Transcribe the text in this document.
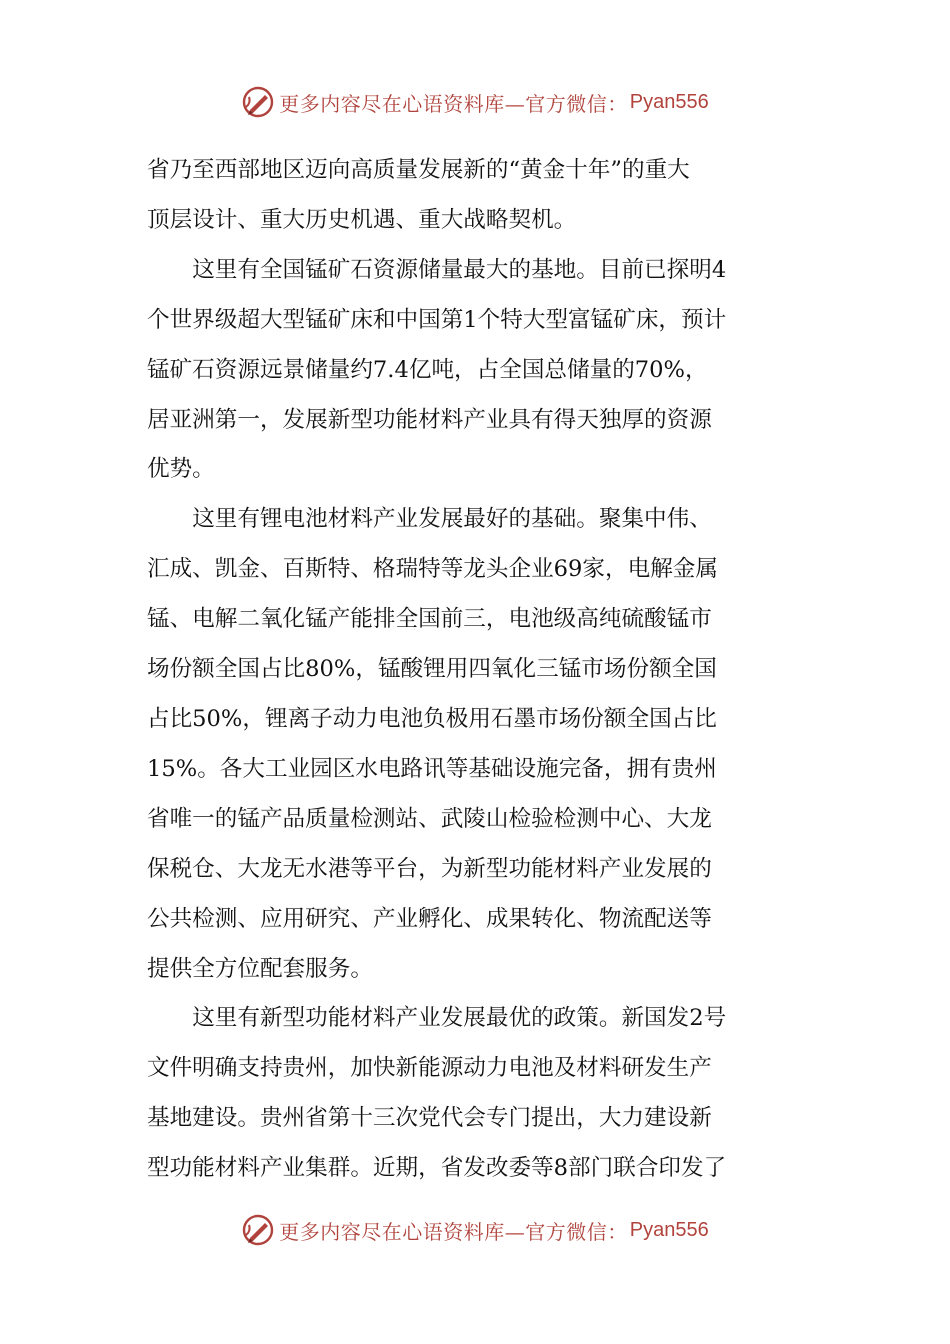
更多内容尽在心语资料库—官方微信： Pyan556

省乃至西部地区迈向高质量发展新的“黄金十年”的重大
顶层设计、重大历史机遇、重大战略契机。

这里有全国锰矿石资源储量最大的基地。目前已探明4
个世界级超大型锰矿床和中国第1个特大型富锰矿床，预计
锰矿石资源远景储量约7.4亿吨，占全国总储量的70%，
居亚洲第一，发展新型功能材料产业具有得天独厚的资源
优势。

这里有锂电池材料产业发展最好的基础。聚集中伟、
汇成、凯金、百斯特、格瑞特等龙头企业69家，电解金属
锰、电解二氧化锰产能排全国前三，电池级高纯硫酸锰市
场份额全国占比80%，锰酸锂用四氧化三锰市场份额全国
占比50%，锂离子动力电池负极用石墨市场份额全国占比
15%。各大工业园区水电路讯等基础设施完备，拥有贵州
省唯一的锰产品质量检测站、武陵山检验检测中心、大龙
保税仓、大龙无水港等平台，为新型功能材料产业发展的
公共检测、应用研究、产业孵化、成果转化、物流配送等
提供全方位配套服务。

这里有新型功能材料产业发展最优的政策。新国发2号
文件明确支持贵州，加快新能源动力电池及材料研发生产
基地建设。贵州省第十三次党代会专门提出，大力建设新
型功能材料产业集群。近期，省发改委等8部门联合印发了

更多内容尽在心语资料库—官方微信： Pyan556
